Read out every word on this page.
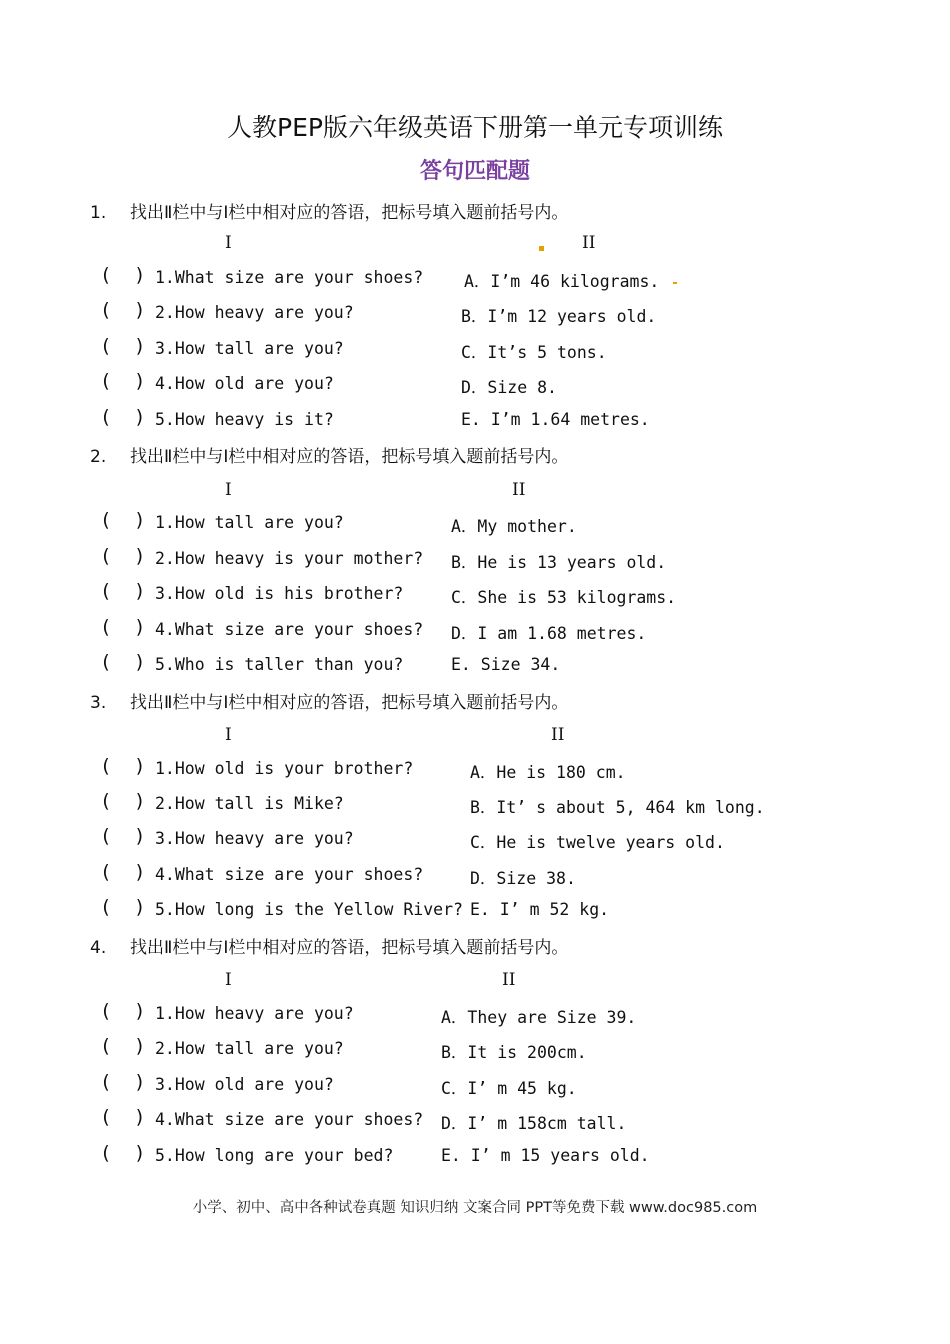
人教PEP版六年级英语下册第一单元专项训练
答句匹配题
1. 找出Ⅱ栏中与Ⅰ栏中相对应的答语，把标号填入题前括号内。
I	II
( ) 1.What size are your shoes? A．I’m 46 kilograms.
( ) 2.How heavy are you?	B．I’m 12 years old.
( ) 3.How tall are you?	C．It’s 5 tons.
( ) 4.How old are you?	D．Size 8.
( ) 5.How heavy is it?	E. I’m 1.64 metres.
2. 找出Ⅱ栏中与Ⅰ栏中相对应的答语，把标号填入题前括号内。
I	II
( ) 1.How tall are you?	A．My mother.
( ) 2.How heavy is your mother? B．He is 13 years old.
( ) 3.How old is his brother?	C．She is 53 kilograms.
( ) 4.What size are your shoes? D．I am 1.68 metres.
( ) 5.Who is taller than you?	E. Size 34.
3. 找出Ⅱ栏中与Ⅰ栏中相对应的答语，把标号填入题前括号内。
I	II
( ) 1.How old is your brother?	A．He is 180 cm.
( ) 2.How tall is Mike?	B．It’ s about 5, 464 km long.
( ) 3.How heavy are you?	C．He is twelve years old.
( ) 4.What size are your shoes?	D．Size 38.
( ) 5.How long is the Yellow River? E. I’ m 52 kg.
4. 找出Ⅱ栏中与Ⅰ栏中相对应的答语，把标号填入题前括号内。
I	II
( ) 1.How heavy are you?	A．They are Size 39.
( ) 2.How tall are you?	B．It is 200cm.
( ) 3.How old are you?	C．I’ m 45 kg.
( ) 4.What size are your shoes? D．I’ m 158cm tall.
( ) 5.How long are your bed?	E. I’ m 15 years old.
小学、初中、高中各种试卷真题 知识归纳 文案合同 PPT等免费下载 www.doc985.com
